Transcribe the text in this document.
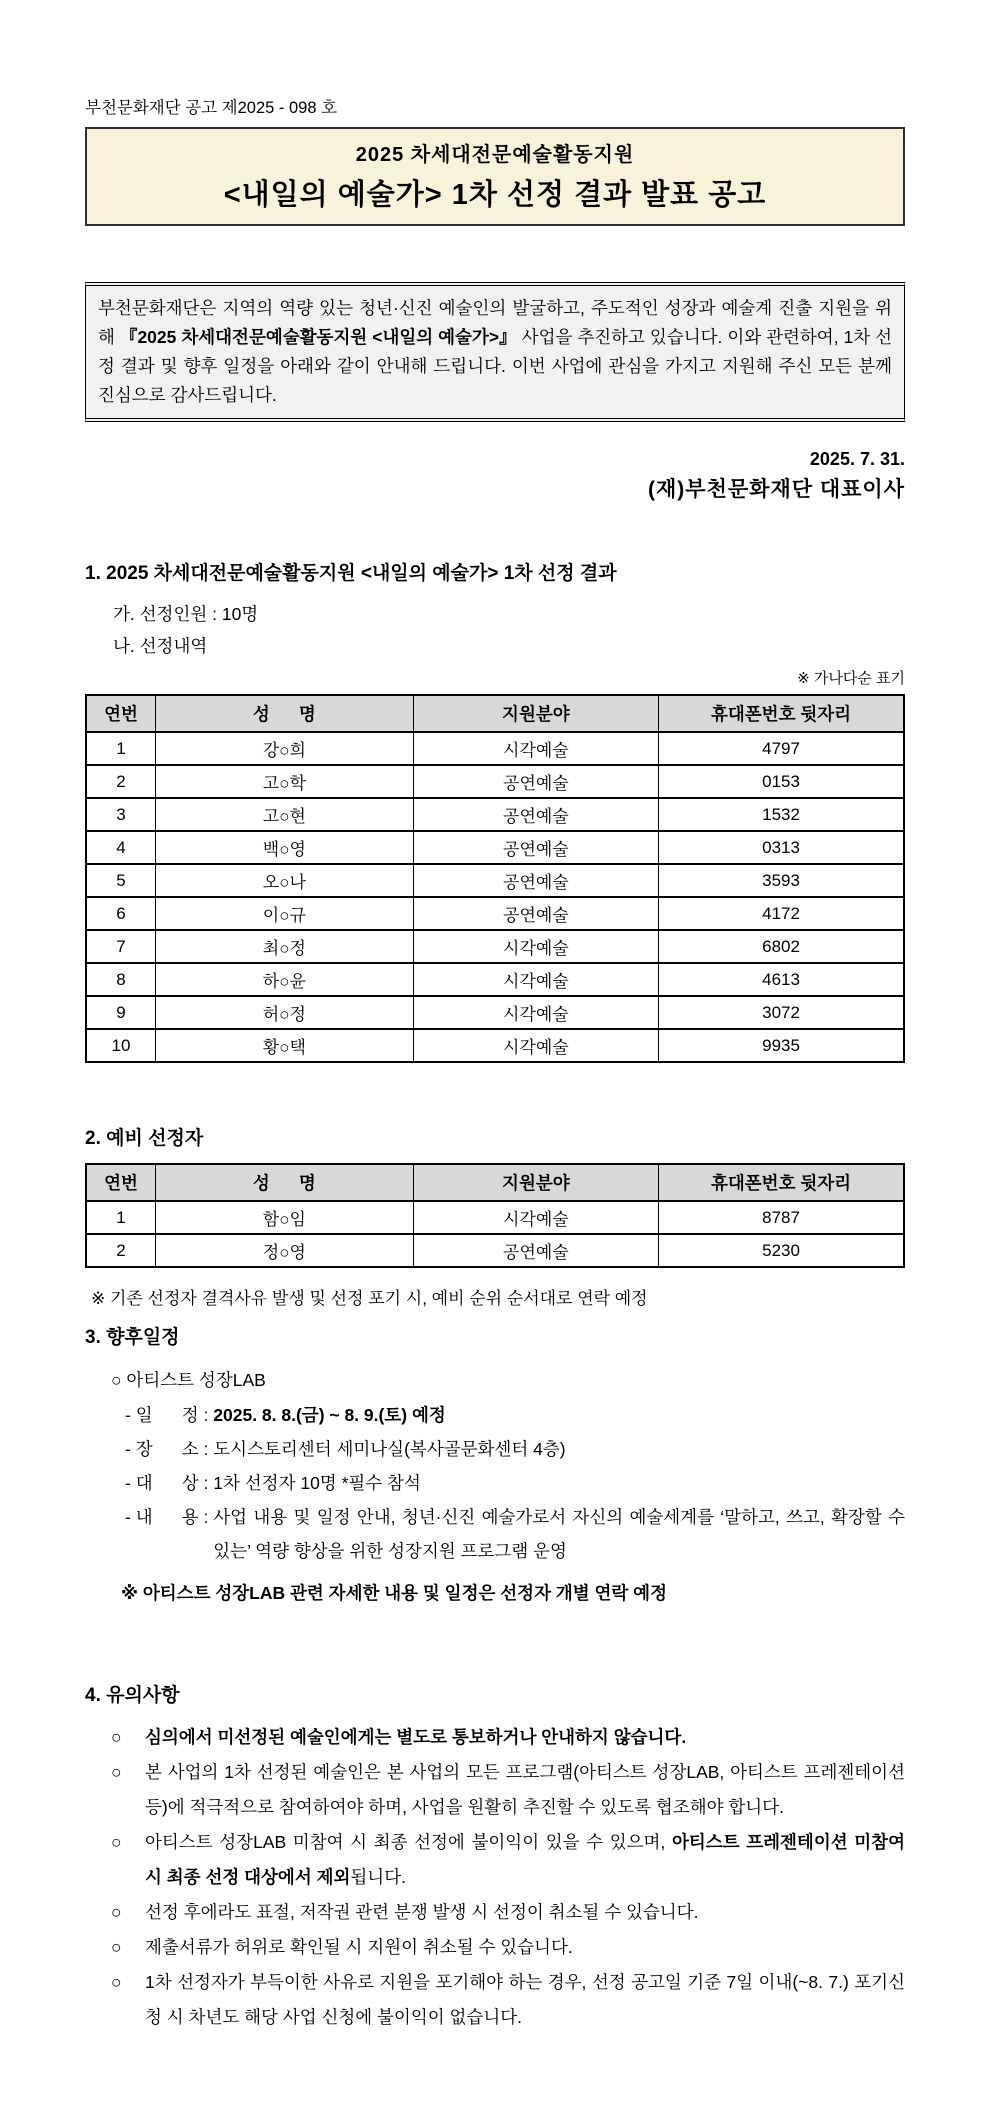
부천문화재단 공고 제2025 - 098 호
2025 차세대전문예술활동지원
<내일의 예술가> 1차 선정 결과 발표 공고
부천문화재단은 지역의 역량 있는 청년·신진 예술인의 발굴하고, 주도적인 성장과 예술계 진출 지원을 위해 『2025 차세대전문예술활동지원 <내일의 예술가>』 사업을 추진하고 있습니다. 이와 관련하여, 1차 선정 결과 및 향후 일정을 아래와 같이 안내해 드립니다. 이번 사업에 관심을 가지고 지원해 주신 모든 분께 진심으로 감사드립니다.
2025. 7. 31.
(재)부천문화재단 대표이사
1. 2025 차세대전문예술활동지원 <내일의 예술가> 1차 선정 결과
가. 선정인원 : 10명
나. 선정내역
※ 가나다순 표기
연번	성      명	지원분야	휴대폰번호 뒷자리
1	강○희	시각예술	4797
2	고○학	공연예술	0153
3	고○현	공연예술	1532
4	백○영	공연예술	0313
5	오○나	공연예술	3593
6	이○규	공연예술	4172
7	최○정	시각예술	6802
8	하○윤	시각예술	4613
9	허○정	시각예술	3072
10	황○택	시각예술	9935
2. 예비 선정자
연번	성      명	지원분야	휴대폰번호 뒷자리
1	함○임	시각예술	8787
2	정○영	공연예술	5230
※ 기존 선정자 결격사유 발생 및 선정 포기 시, 예비 순위 순서대로 연락 예정
3. 향후일정
○ 아티스트 성장LAB
- 일      정 : 2025. 8. 8.(금) ~ 8. 9.(토) 예정
- 장      소 : 도시스토리센터 세미나실(복사골문화센터 4층)
- 대      상 : 1차 선정자 10명 *필수 참석
- 내      용 : 사업 내용 및 일정 안내, 청년·신진 예술가로서 자신의 예술세계를 ‘말하고, 쓰고, 확장할 수 있는’ 역량 향상을 위한 성장지원 프로그램 운영
※ 아티스트 성장LAB 관련 자세한 내용 및 일정은 선정자 개별 연락 예정
4. 유의사항
○	심의에서 미선정된 예술인에게는 별도로 통보하거나 안내하지 않습니다.
○	본 사업의 1차 선정된 예술인은 본 사업의 모든 프로그램(아티스트 성장LAB, 아티스트 프레젠테이션 등)에 적극적으로 참여하여야 하며, 사업을 원활히 추진할 수 있도록 협조해야 합니다.
○	아티스트 성장LAB 미참여 시 최종 선정에 불이익이 있을 수 있으며, 아티스트 프레젠테이션 미참여 시 최종 선정 대상에서 제외됩니다.
○	선정 후에라도 표절, 저작권 관련 분쟁 발생 시 선정이 취소될 수 있습니다.
○	제출서류가 허위로 확인될 시 지원이 취소될 수 있습니다.
○	1차 선정자가 부득이한 사유로 지원을 포기해야 하는 경우, 선정 공고일 기준 7일 이내(~8. 7.) 포기신청 시 차년도 해당 사업 신청에 불이익이 없습니다.
